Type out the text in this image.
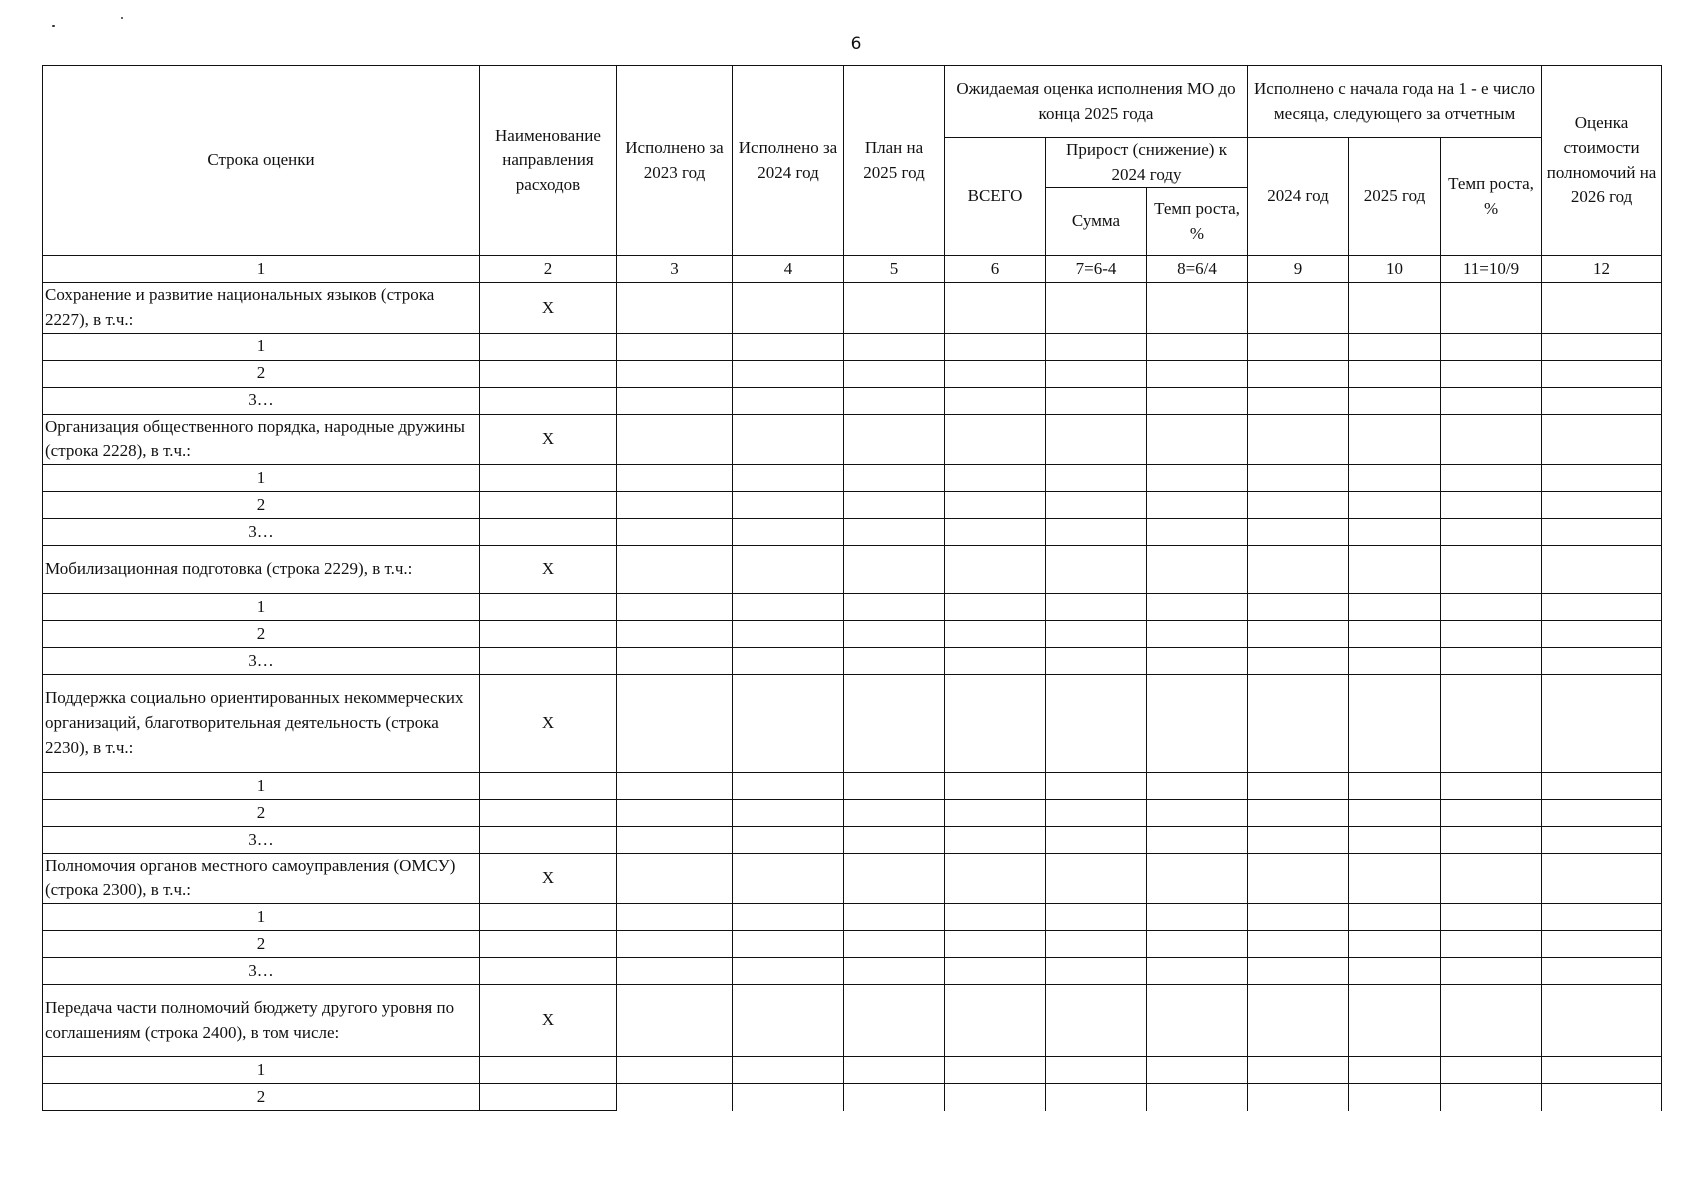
6
Строка оценки	Наименование направления расходов	Исполнено за 2023 год	Исполнено за 2024 год	План на 2025 год	Ожидаемая оценка исполнения МО до конца 2025 года			Исполнено с начала года на 1 - е число месяца, следующего за отчетным			Оценка стоимости полномочий на 2026 год
					ВСЕГО	Прирост (снижение) к 2024 году		2024 год	2025 год	Темп роста, %	
						Сумма	Темп роста, %				
1	2	3	4	5	6	7=6-4	8=6/4	9	10	11=10/9	12
Сохранение и развитие национальных языков (строка 2227), в т.ч.:	Х										
1											
2											
3…											
Организация общественного порядка, народные дружины (строка 2228), в т.ч.:	Х										
1											
2											
3…											
Мобилизационная подготовка (строка 2229), в т.ч.:	Х										
1											
2											
3…											
Поддержка социально ориентированных некоммерческих организаций, благотворительная деятельность (строка 2230), в т.ч.:	Х										
1											
2											
3…											
Полномочия органов местного самоуправления (ОМСУ) (строка 2300), в т.ч.:	Х										
1											
2											
3…											
Передача части полномочий бюджету другого уровня по соглашениям (строка 2400), в том числе:	Х										
1											
2											
